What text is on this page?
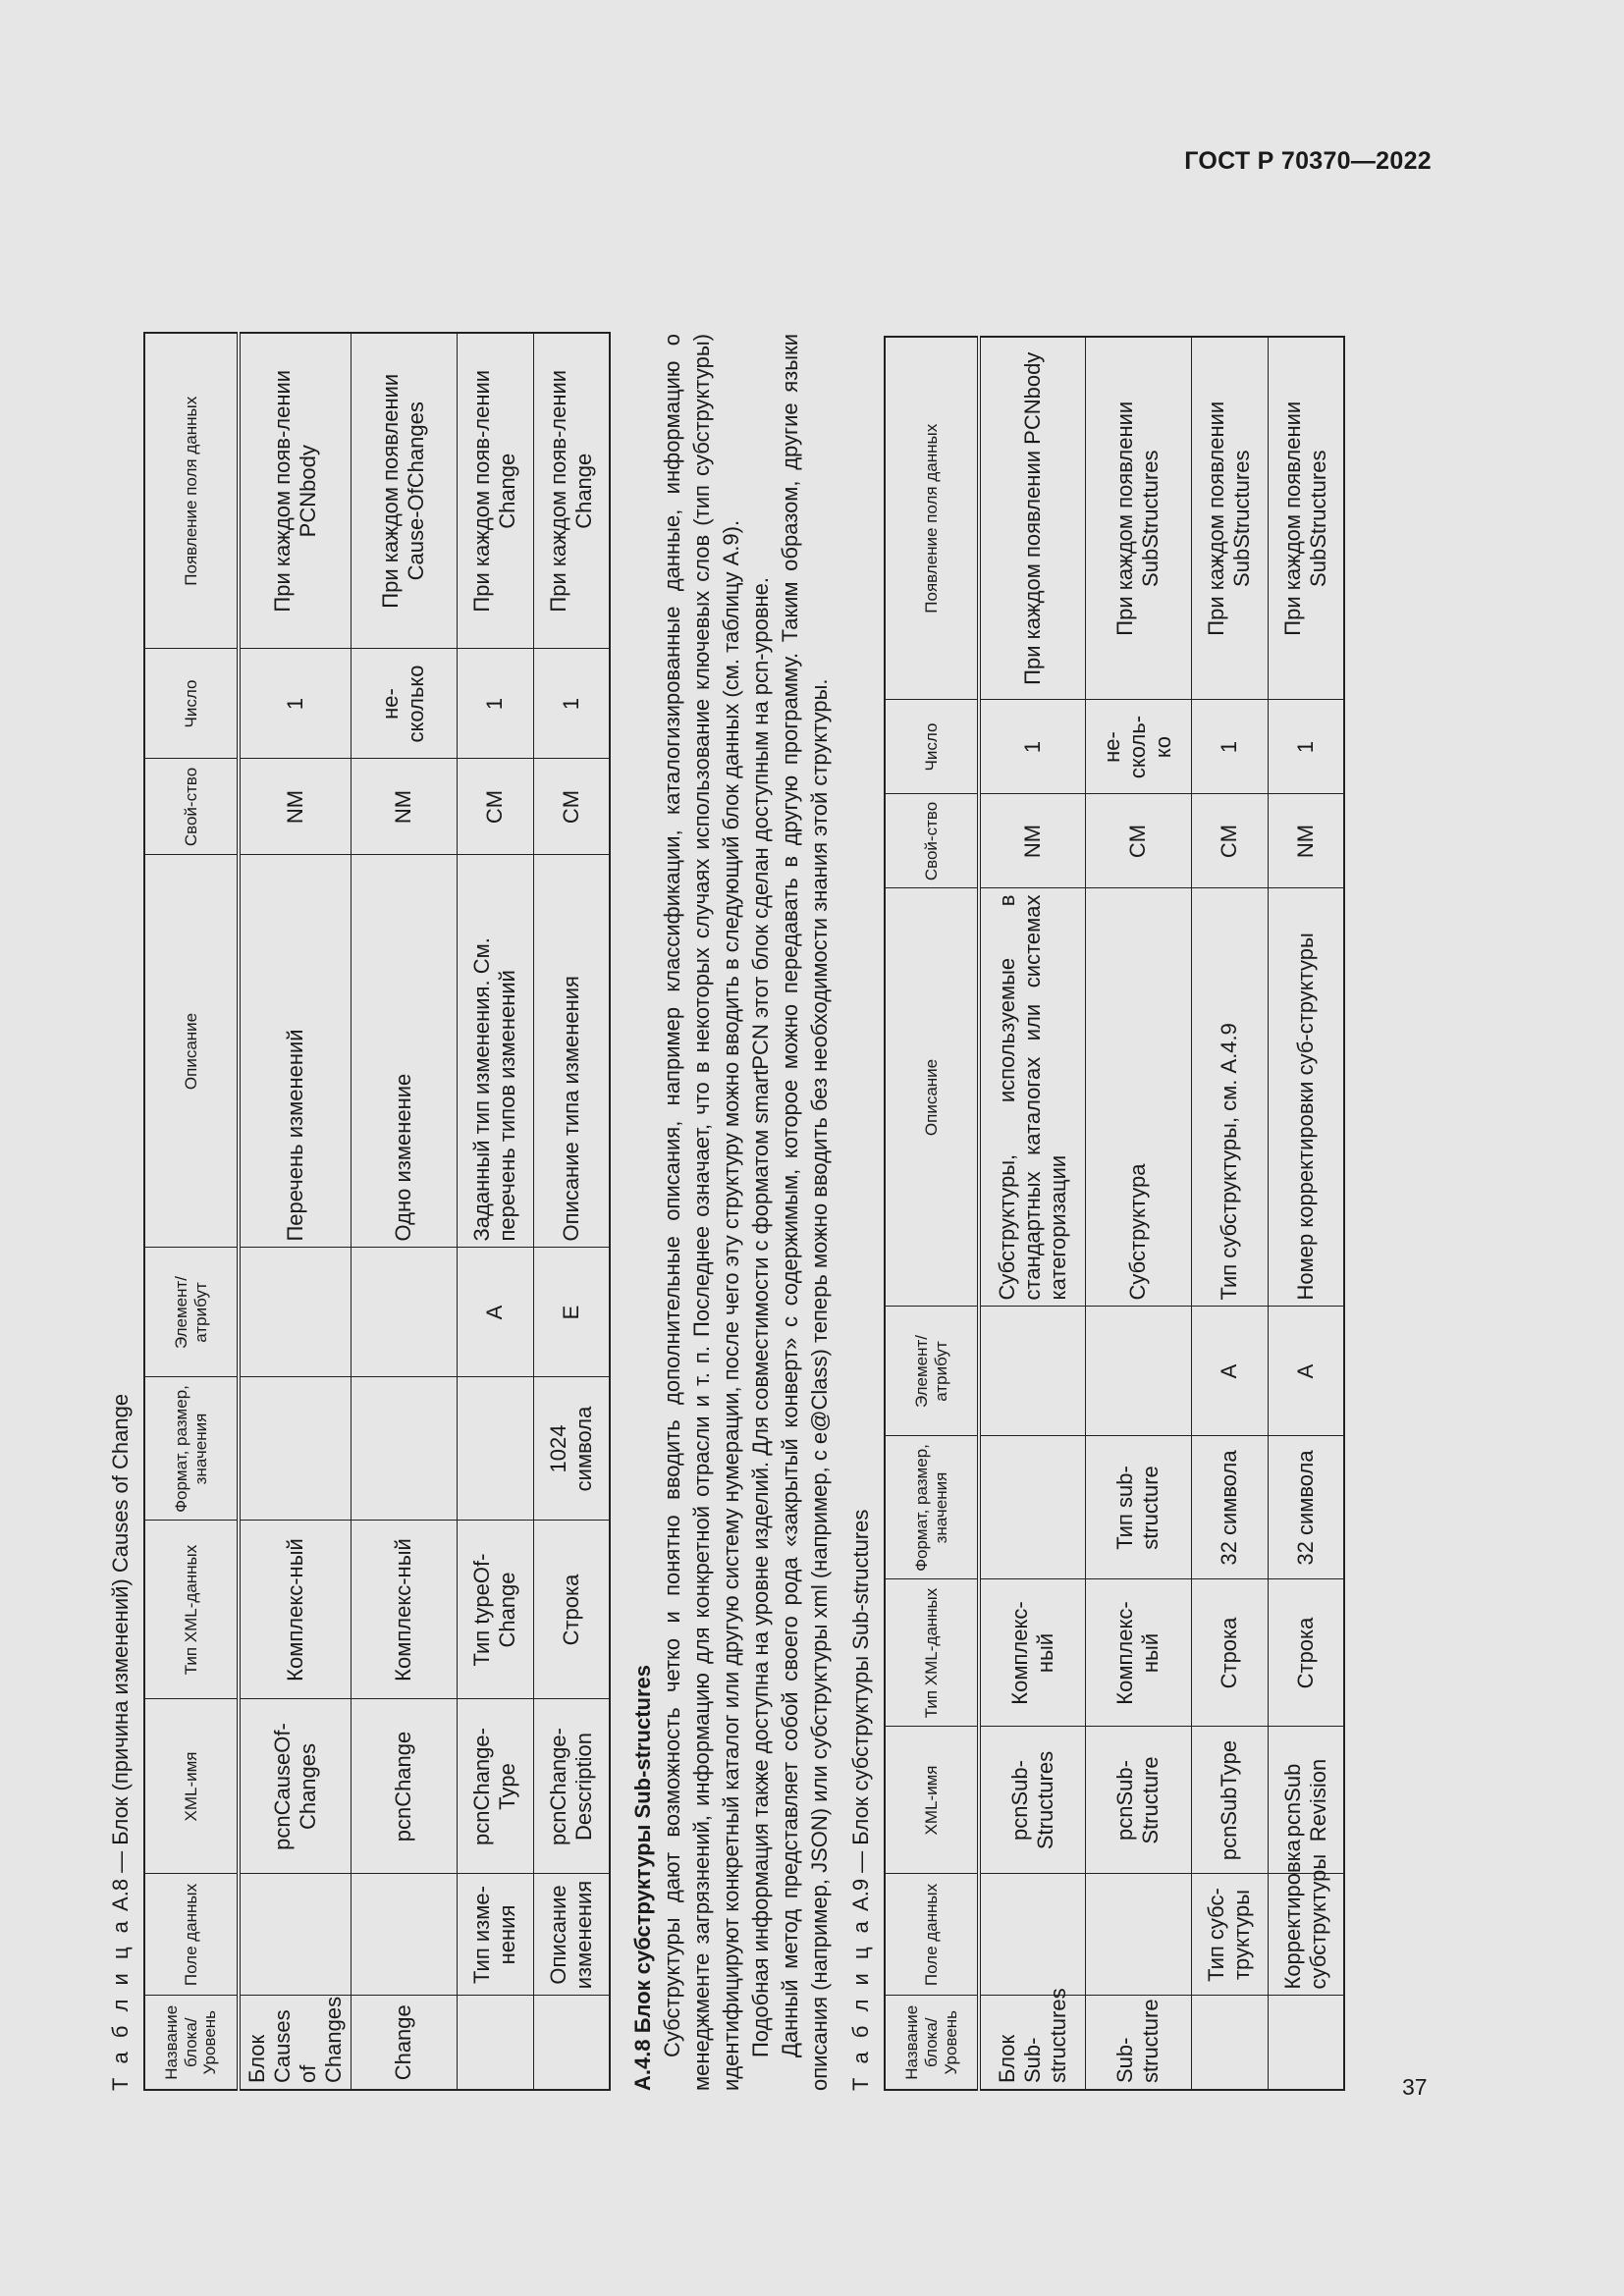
ГОСТ Р 70370—2022
Т а б л и ц а А.8 — Блок (причина изменений) Causes of Change
Название блока/ Уровень	Поле данных	XML-имя	Тип XML-данных	Формат, размер, значения	Элемент/ атрибут	Описание	Свой-ство	Число	Появление поля данных
Блок Causes of Changes		pcnCauseOf-Changes	Комплекс-ный			Перечень изменений	NM	1	При каждом появ-лении PCNbody
Change		pcnChange	Комплекс-ный			Одно изменение	NM	не-сколько	При каждом появлении Cause-OfChanges
	Тип изме-нения	pcnChange-Type	Тип typeOf-Change		A	Заданный тип изменения. См. перечень типов изменений	CM	1	При каждом появ-лении Change
	Описание изменения	pcnChange-Description	Строка	1024 символа	E	Описание типа изменения	CM	1	При каждом появ-лении Change
А.4.8 Блок субструктуры Sub-structures Субструктуры дают возможность четко и понятно вводить дополнительные описания, например классификации, каталогизированные данные, информацию о менеджменте загрязнений, информацию для конкретной отрасли и т. п. Последнее означает, что в некоторых случаях использование ключевых слов (тип субструктуры) идентифицируют конкретный каталог или другую систему нумерации, после чего эту структуру можно вводить в следующий блок данных (см. таблицу А.9). Подобная информация также доступна на уровне изделий. Для совместимости с форматом smartPCN этот блок сделан доступным на pcn-уровне. Данный метод представляет собой своего рода «закрытый конверт» с содержимым, которое можно передавать в другую программу. Таким образом, другие языки описания (например, JSON) или субструктуры xml (например, с e@Class) теперь можно вводить без необходимости знания этой структуры. Т а б л и ц а А.9 — Блок субструктуры Sub-structures
Название блока/ Уровень	Поле данных	XML-имя	Тип XML-данных	Формат, размер, значения	Элемент/ атрибут	Описание	Свой-ство	Число	Появление поля данных
Блок Sub-structures		pcnSub-Structures	Комплекс-ный			Субструктуры, используемые в стандартных каталогах или системах категоризации	NM	1	При каждом появлении PCNbody
Sub-structure		pcnSub-Structure	Комплекс-ный	Тип sub-structure		Субструктура	CM	не-сколь-ко	При каждом появлении SubStructures
	Тип субс-труктуры	pcnSubType	Строка	32 символа	A	Тип субструктуры, см. А.4.9	CM	1	При каждом появлении SubStructures
	Корректировка субструктуры	pcnSub Revision	Строка	32 символа	A	Номер корректировки суб-структуры	NM	1	При каждом появлении SubStructures
37
